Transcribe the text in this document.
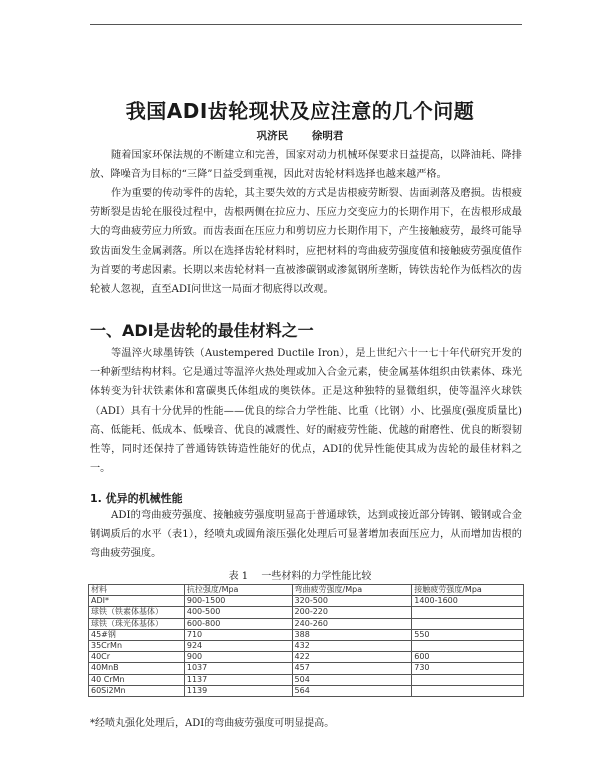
我国ADI齿轮现状及应注意的几个问题
巩济民 徐明君

随着国家环保法规的不断建立和完善，国家对动力机械环保要求日益提高，以降油耗、降排放、降噪音为目标的“三降”日益受到重视，因此对齿轮材料选择也越来越严格。

作为重要的传动零件的齿轮，其主要失效的方式是齿根疲劳断裂、齿面剥落及磨损。齿根疲劳断裂是齿轮在服役过程中，齿根两侧在拉应力、压应力交变应力的长期作用下，在齿根形成最大的弯曲疲劳应力所致。而齿表面在压应力和剪切应力长期作用下，产生接触疲劳，最终可能导致齿面发生金属剥落。所以在选择齿轮材料时，应把材料的弯曲疲劳强度值和接触疲劳强度值作为首要的考虑因素。长期以来齿轮材料一直被渗碳钢或渗氮钢所垄断，铸铁齿轮作为低档次的齿轮被人忽视，直至ADI问世这一局面才彻底得以改观。

一、ADI是齿轮的最佳材料之一

等温淬火球墨铸铁（Austempered Ductile Iron），是上世纪六十一七十年代研究开发的一种新型结构材料。它是通过等温淬火热处理或加入合金元素，使金属基体组织由铁素体、珠光体转变为针状铁素体和富碳奥氏体组成的奥铁体。正是这种独特的显微组织，使等温淬火球铁（ADI）具有十分优异的性能——优良的综合力学性能、比重（比钢）小、比强度(强度质量比)高、低能耗、低成本、低噪音、优良的减震性、好的耐疲劳性能、优越的耐磨性、优良的断裂韧性等，同时还保持了普通铸铁铸造性能好的优点，ADI的优异性能使其成为齿轮的最佳材料之一。

1. 优异的机械性能

ADI的弯曲疲劳强度、接触疲劳强度明显高于普通球铁，达到或接近部分铸钢、锻钢或合金钢调质后的水平（表1），经喷丸或圆角滚压强化处理后可显著增加表面压应力，从而增加齿根的弯曲疲劳强度。

表 1　 一些材料的力学性能比较
材料	抗拉强度/Mpa	弯曲疲劳强度/Mpa	接触疲劳强度/Mpa
ADI*	900-1500	320-500	1400-1600
球铁（铁素体基体）	400-500	200-220	
球铁（珠光体基体）	600-800	240-260	
45#钢	710	388	550
35CrMn	924	432	
40Cr	900	422	600
40MnB	1037	457	730
40 CrMn	1137	504	
60Si2Mn	1139	564	
*经喷丸强化处理后，ADI的弯曲疲劳强度可明显提高。
